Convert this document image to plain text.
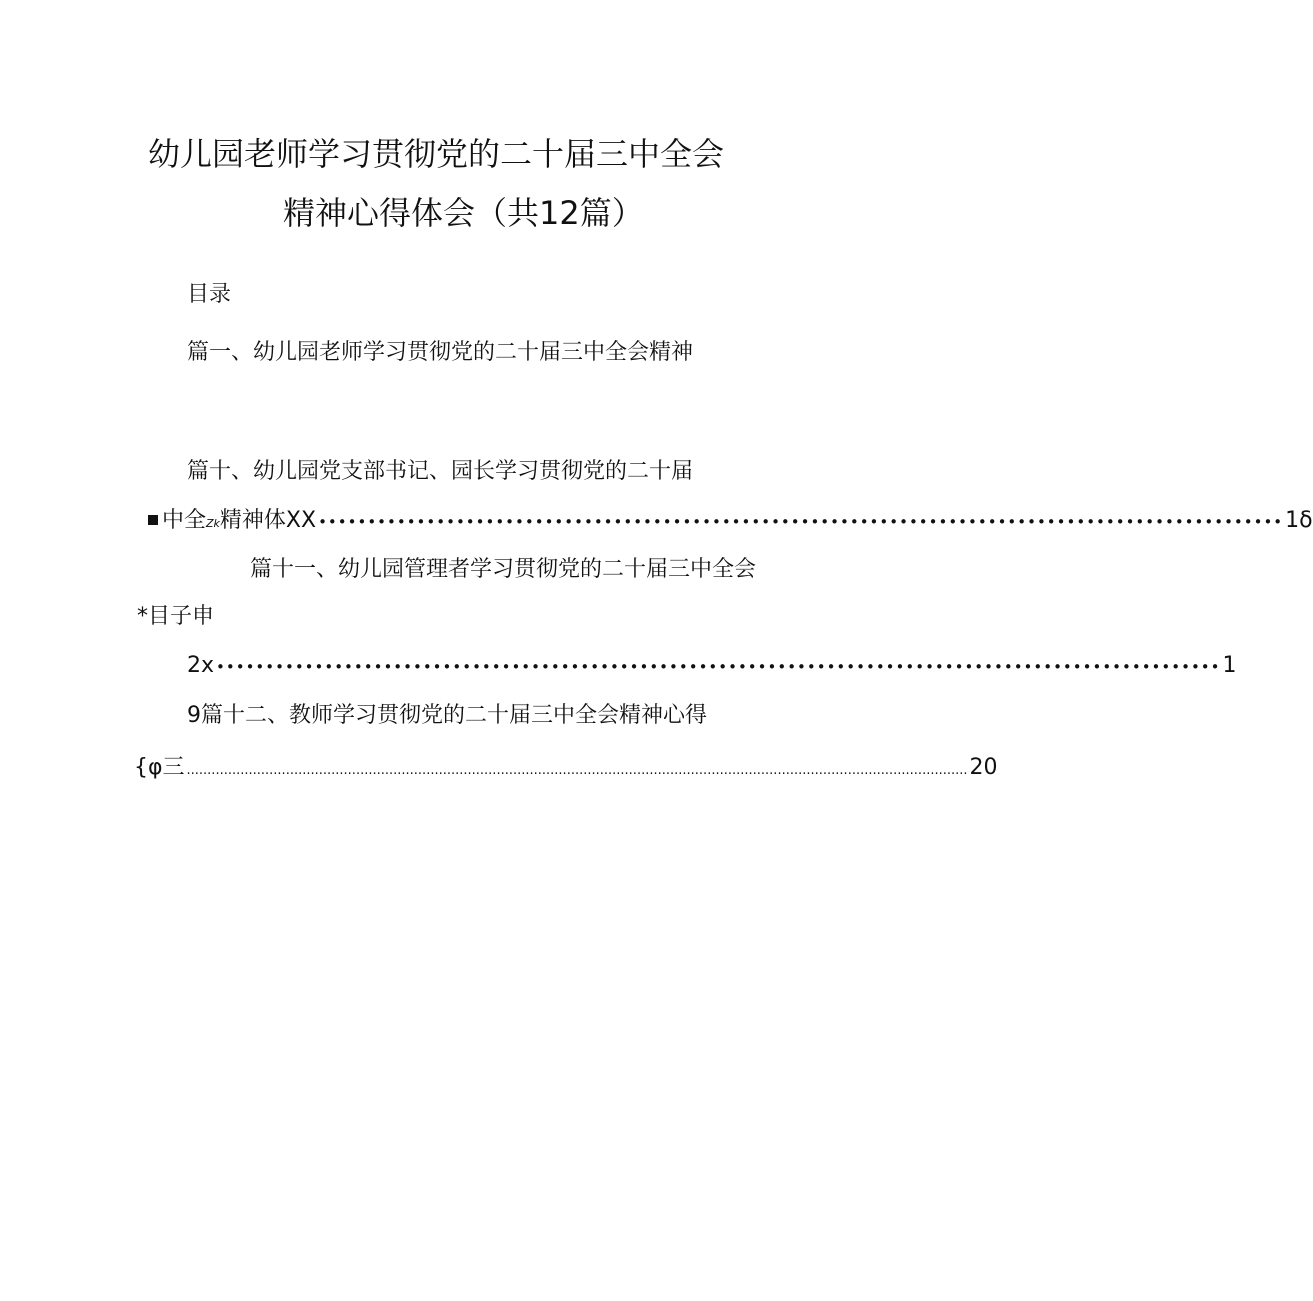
幼儿园老师学习贯彻党的二十届三中全会
精神心得体会（共12篇）
目录
篇一、幼儿园老师学习贯彻党的二十届三中全会精神
篇十、幼儿园党支部书记、园长学习贯彻党的二十届
中全Zk精神体XX •••••••••••••••••••••••••••••••••••••••••••••••••••••••••••••••••••••••••••••••••••••••••••••••••• 1δ
篇十一、幼儿园管理者学习贯彻党的二十届三中全会
*目子申
2x •••••••••••••••••••••••••••••••••••••••••••••••••••••••••••••••••••••••••••••••••••••••••••••••••••••• 1
9篇十二、教师学习贯彻党的二十届三中全会精神心得
{φ三 ............................................................................................................................................................................................. 20
